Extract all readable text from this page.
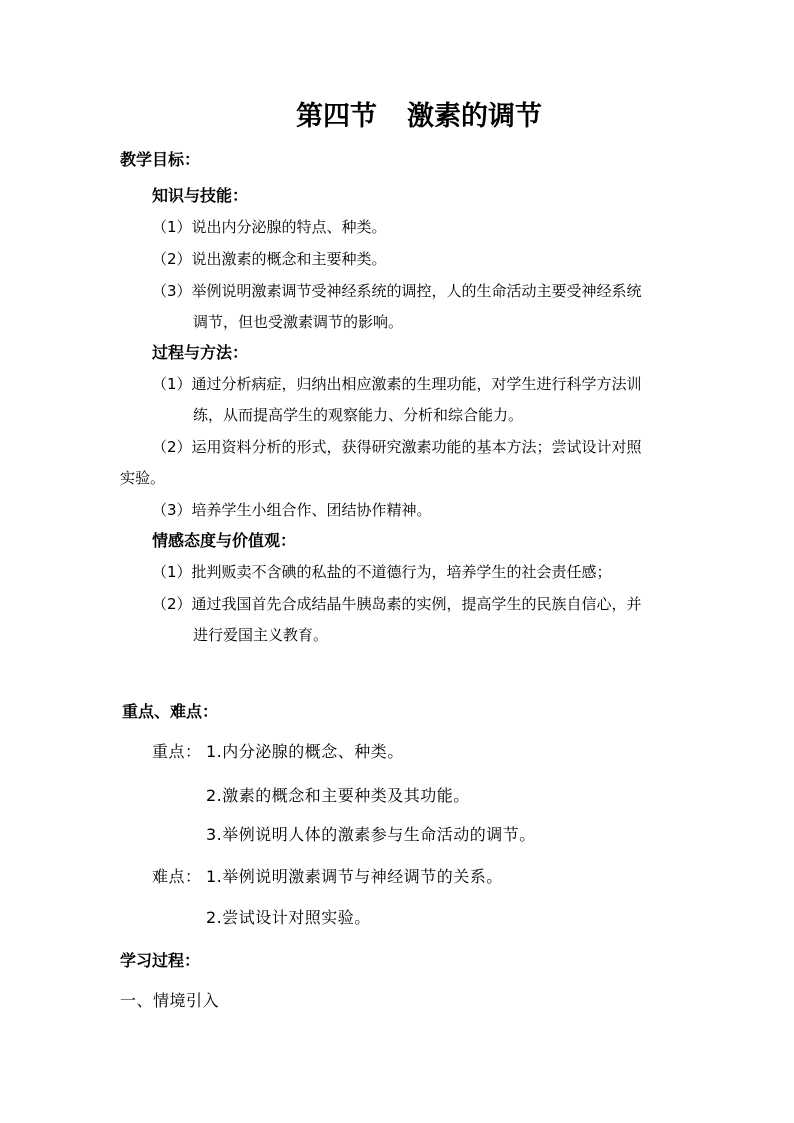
第四节 激素的调节
教学目标：
知识与技能：
（1）说出内分泌腺的特点、种类。
（2）说出激素的概念和主要种类。
（3）举例说明激素调节受神经系统的调控，人的生命活动主要受神经系统
调节，但也受激素调节的影响。
过程与方法：
（1）通过分析病症，归纳出相应激素的生理功能，对学生进行科学方法训
练，从而提高学生的观察能力、分析和综合能力。
（2）运用资料分析的形式，获得研究激素功能的基本方法；尝试设计对照
实验。
（3）培养学生小组合作、团结协作精神。
情感态度与价值观：
（1）批判贩卖不含碘的私盐的不道德行为，培养学生的社会责任感；
（2）通过我国首先合成结晶牛胰岛素的实例，提高学生的民族自信心，并
进行爱国主义教育。
重点、难点：
重点： 1.内分泌腺的概念、种类。
2.激素的概念和主要种类及其功能。
3.举例说明人体的激素参与生命活动的调节。
难点： 1.举例说明激素调节与神经调节的关系。
2.尝试设计对照实验。
学习过程：
一、情境引入
